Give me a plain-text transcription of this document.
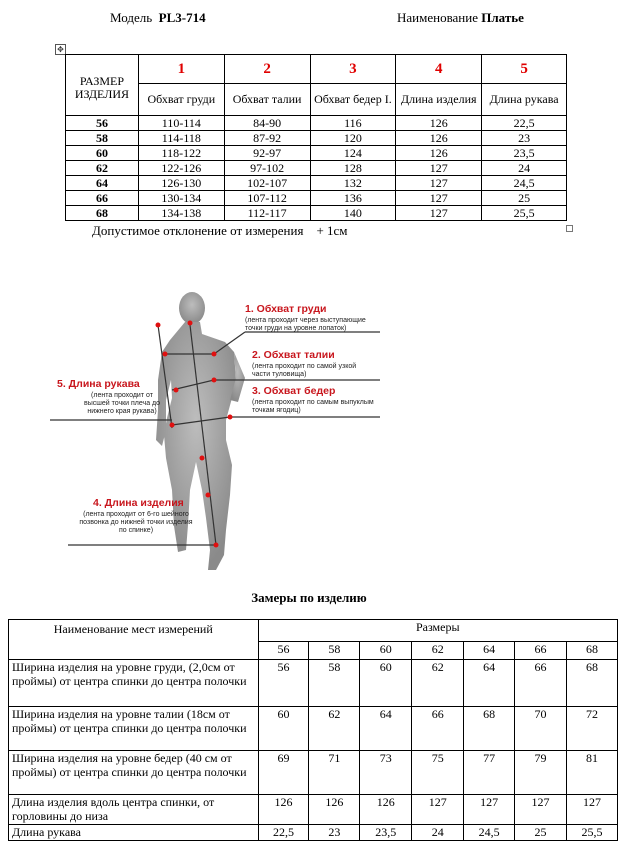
Модель PL3-714	Наименование Платье
✥
РАЗМЕР ИЗДЕЛИЯ	1	2	3	4	5
	Обхват груди	Обхват талии	Обхват бедер I.	Длина изделия	Длина рукава
56	110-114	84-90	116	126	22,5
58	114-118	87-92	120	126	23
60	118-122	92-97	124	126	23,5
62	122-126	97-102	128	127	24
64	126-130	102-107	132	127	24,5
66	130-134	107-112	136	127	25
68	134-138	112-117	140	127	25,5
Допустимое отклонение от измерения + 1см
1. Обхват груди
(лента проходит через выступающие точки груди на уровне лопаток)
2. Обхват талии
(лента проходит по самой узкой части туловища)
3. Обхват бедер
(лента проходит по самым выпуклым точкам ягодиц)
5. Длина рукава
(лента проходит от высшей точки плеча до нижнего края рукава)
4. Длина изделия
(лента проходит от 6-го шейного позвонка до нижней точки изделия по спинке)
Замеры по изделию
Наименование мест измерений	Размеры						
	56	58	60	62	64	66	68
Ширина изделия на уровне груди, (2,0см от проймы) от центра спинки до центра полочки	56	58	60	62	64	66	68
Ширина изделия на уровне талии (18см от проймы) от центра спинки до центра полочки	60	62	64	66	68	70	72
Ширина изделия на уровне бедер (40 см от проймы) от центра спинки до центра полочки	69	71	73	75	77	79	81
Длина изделия вдоль центра спинки, от горловины до низа	126	126	126	127	127	127	127
Длина рукава	22,5	23	23,5	24	24,5	25	25,5
